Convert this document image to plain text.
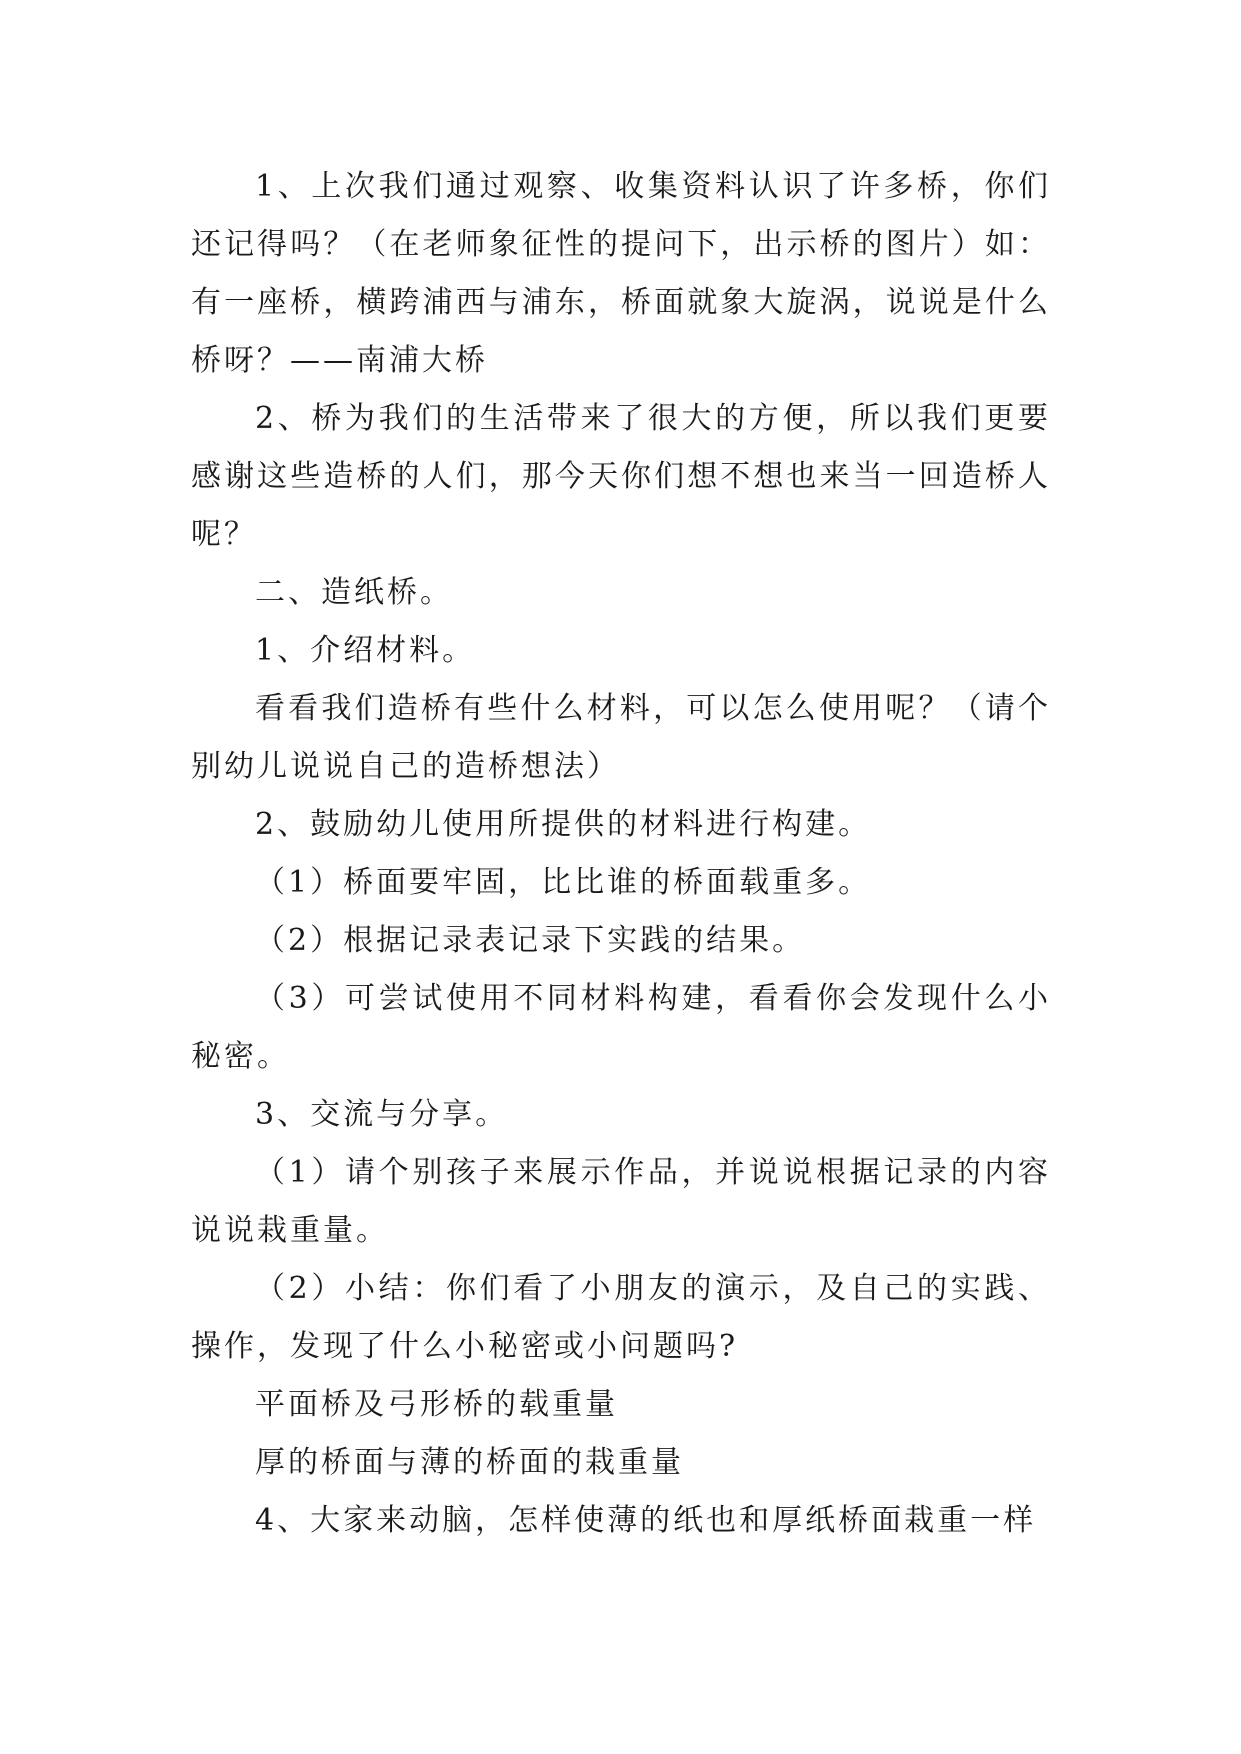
1、上次我们通过观察、收集资料认识了许多桥，你们还记得吗？（在老师象征性的提问下，出示桥的图片）如：有一座桥，横跨浦西与浦东，桥面就象大旋涡，说说是什么桥呀？——南浦大桥

2、桥为我们的生活带来了很大的方便，所以我们更要感谢这些造桥的人们，那今天你们想不想也来当一回造桥人呢？

二、造纸桥。

1、介绍材料。

看看我们造桥有些什么材料，可以怎么使用呢？（请个别幼儿说说自己的造桥想法）

2、鼓励幼儿使用所提供的材料进行构建。

（1）桥面要牢固，比比谁的桥面载重多。

（2）根据记录表记录下实践的结果。

（3）可尝试使用不同材料构建，看看你会发现什么小秘密。

3、交流与分享。

（1）请个别孩子来展示作品，并说说根据记录的内容说说栽重量。

（2）小结：你们看了小朋友的演示，及自己的实践、操作，发现了什么小秘密或小问题吗?

平面桥及弓形桥的载重量

厚的桥面与薄的桥面的栽重量

4、大家来动脑，怎样使薄的纸也和厚纸桥面栽重一样
